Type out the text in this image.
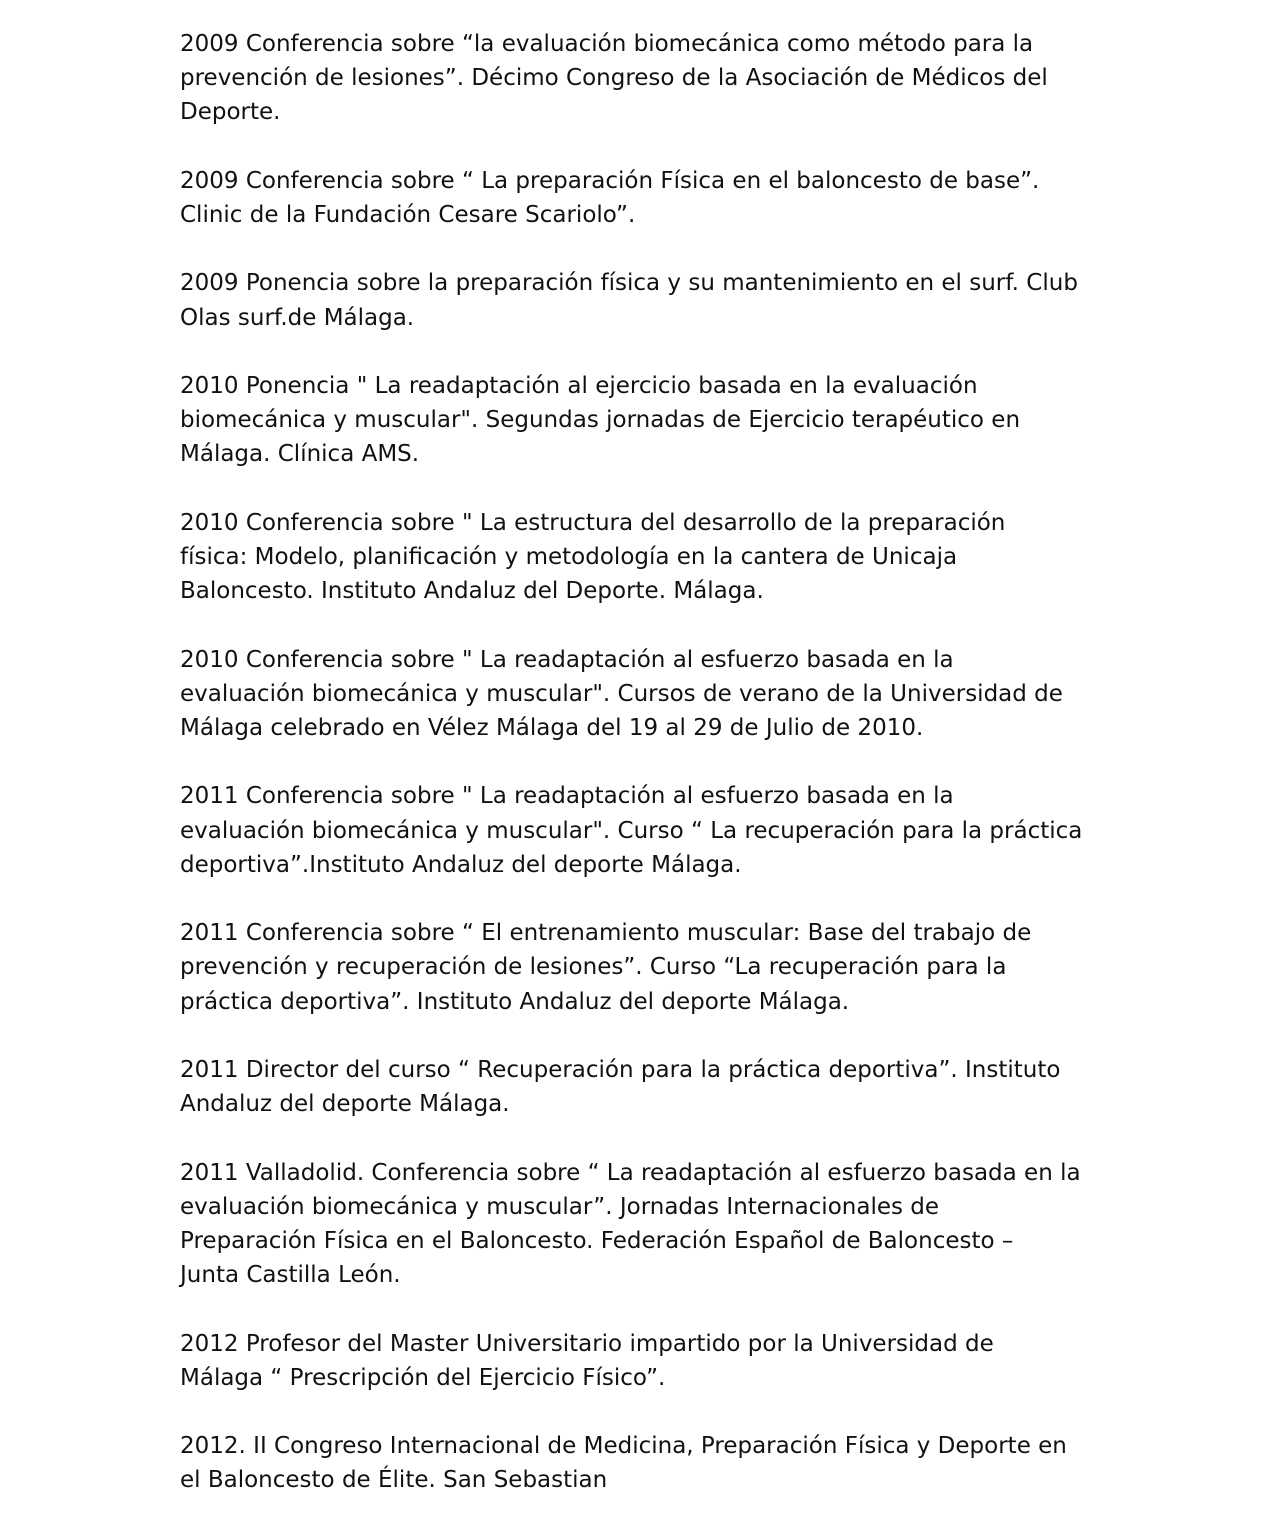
2009 Conferencia sobre “la evaluación biomecánica como método para la
prevención de lesiones”. Décimo Congreso de la Asociación de Médicos del
Deporte.

2009 Conferencia sobre “ La preparación Física en el baloncesto de base”.
Clinic de la Fundación Cesare Scariolo”.

2009 Ponencia sobre la preparación física y su mantenimiento en el surf. Club
Olas surf.de Málaga.

2010 Ponencia " La readaptación al ejercicio basada en la evaluación
biomecánica y muscular". Segundas jornadas de Ejercicio terapéutico en
Málaga. Clínica AMS.

2010 Conferencia sobre " La estructura del desarrollo de la preparación
física: Modelo, planificación y metodología en la cantera de Unicaja
Baloncesto. Instituto Andaluz del Deporte. Málaga.

2010 Conferencia sobre " La readaptación al esfuerzo basada en la
evaluación biomecánica y muscular". Cursos de verano de la Universidad de
Málaga celebrado en Vélez Málaga del 19 al 29 de Julio de 2010.

2011 Conferencia sobre " La readaptación al esfuerzo basada en la
evaluación biomecánica y muscular". Curso “ La recuperación para la práctica
deportiva”.Instituto Andaluz del deporte Málaga.

2011 Conferencia sobre “ El entrenamiento muscular: Base del trabajo de
prevención y recuperación de lesiones”. Curso “La recuperación para la
práctica deportiva”. Instituto Andaluz del deporte Málaga.

2011 Director del curso “ Recuperación para la práctica deportiva”. Instituto
Andaluz del deporte Málaga.

2011 Valladolid. Conferencia sobre “ La readaptación al esfuerzo basada en la
evaluación biomecánica y muscular”. Jornadas Internacionales de
Preparación Física en el Baloncesto. Federación Español de Baloncesto –
Junta Castilla León.

2012 Profesor del Master Universitario impartido por la Universidad de
Málaga “ Prescripción del Ejercicio Físico”.

2012. II Congreso Internacional de Medicina, Preparación Física y Deporte en
el Baloncesto de Élite. San Sebastian
